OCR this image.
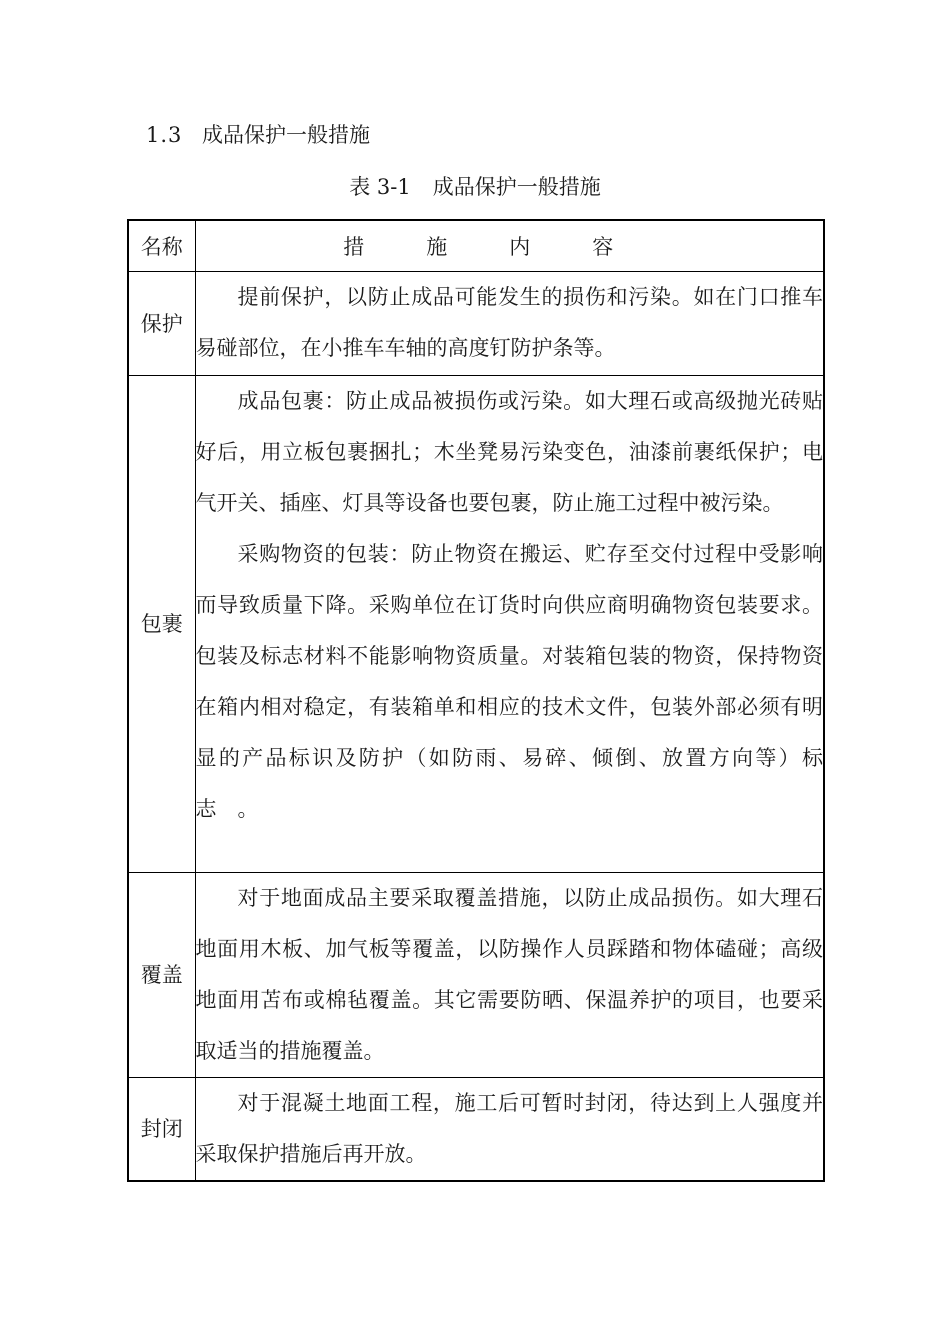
1.3 成品保护一般措施
表 3-1 成品保护一般措施
名称	措施内容
保护	提前保护，以防止成品可能发生的损伤和污染。如在门口推车易碰部位，在小推车车轴的高度钉防护条等。

包裹	成品包裹：防止成品被损伤或污染。如大理石或高级抛光砖贴好后，用立板包裹捆扎；木坐凳易污染变色，油漆前裹纸保护；电气开关、插座、灯具等设备也要包裹，防止施工过程中被污染。

采购物资的包装：防止物资在搬运、贮存至交付过程中受影响而导致质量下降。采购单位在订货时向供应商明确物资包装要求。包装及标志材料不能影响物资质量。对装箱包装的物资，保持物资在箱内相对稳定，有装箱单和相应的技术文件，包装外部必须有明显的产品标识及防护（如防雨、易碎、倾倒、放置方向等）标志　。

覆盖	对于地面成品主要采取覆盖措施，以防止成品损伤。如大理石地面用木板、加气板等覆盖，以防操作人员踩踏和物体磕碰；高级地面用苫布或棉毡覆盖。其它需要防晒、保温养护的项目，也要采取适当的措施覆盖。

封闭	对于混凝土地面工程，施工后可暂时封闭，待达到上人强度并采取保护措施后再开放。
